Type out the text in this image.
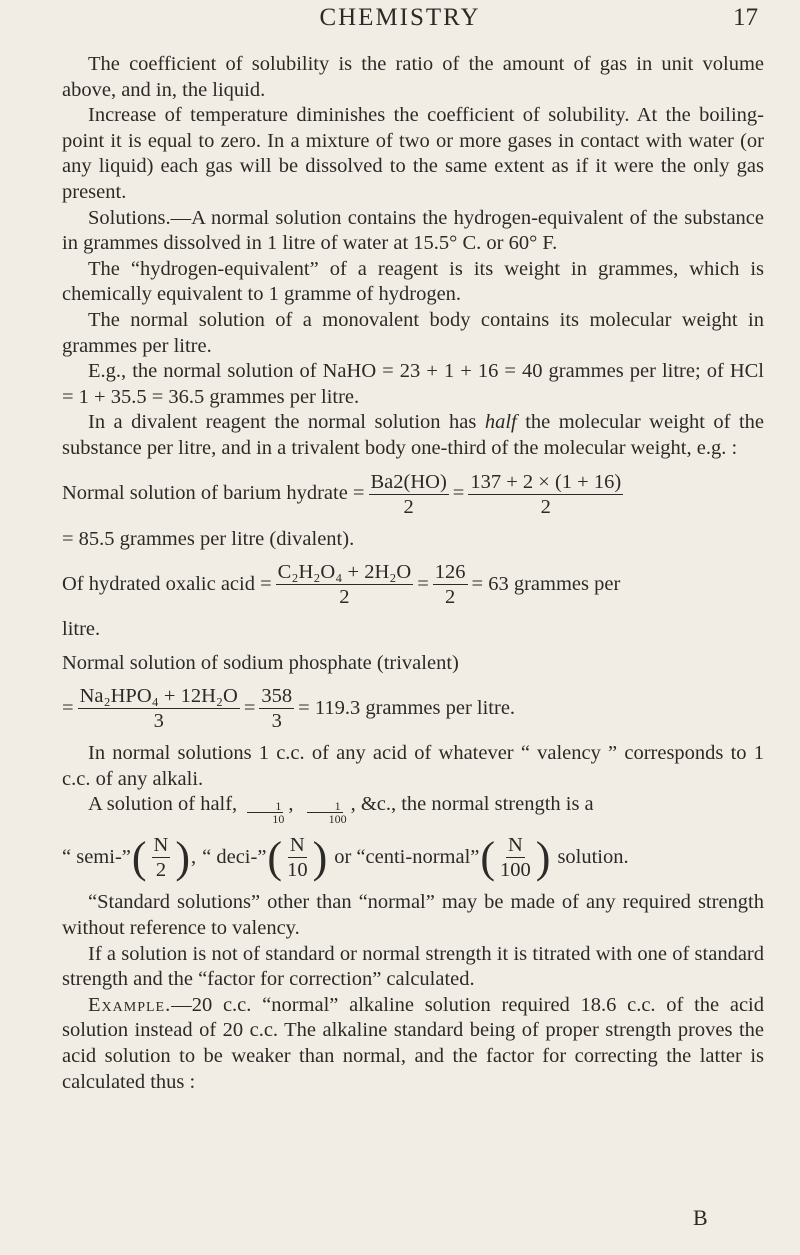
CHEMISTRY	17

The coefficient of solubility is the ratio of the amount of gas in unit volume above, and in, the liquid.

Increase of temperature diminishes the coefficient of solubility. At the boiling-point it is equal to zero. In a mixture of two or more gases in contact with water (or any liquid) each gas will be dissolved to the same extent as if it were the only gas present.

Solutions.—A normal solution contains the hydrogen-equivalent of the substance in grammes dissolved in 1 litre of water at 15.5° C. or 60° F.

The “hydrogen-equivalent” of a reagent is its weight in grammes, which is chemically equivalent to 1 gramme of hydrogen.

The normal solution of a monovalent body contains its molecular weight in grammes per litre.

E.g., the normal solution of NaHO = 23 + 1 + 16 = 40 grammes per litre; of HCl = 1 + 35.5 = 36.5 grammes per litre.

In a divalent reagent the normal solution has half the molecular weight of the substance per litre, and in a trivalent body one-third of the molecular weight, e.g. :

Normal solution of barium hydrate = $\frac{Ba2(HO)}{2} = \frac{137 + 2 \times (1 + 16)}{2}$
= 85.5 grammes per litre (divalent).
Of hydrated oxalic acid = $\frac{\text{C₂H₂O₄ + 2H₂O}}{2} = \frac{126}{2} = 63$ grammes per
litre.
Normal solution of sodium phosphate (trivalent)
= $\frac{\text{Na₂HPO₄ + 12H₂O}}{3} = \frac{358}{3} = 119.3$ grammes per litre.

In normal solutions 1 c.c. of any acid of whatever “ valency ” corresponds to 1 c.c. of any alkali.

A solution of half, $\frac{1}{10}$ , $\frac{1}{100}$ , &c., the normal strength is a
“ semi-” ( $\frac{N}{2}$ ) , “ deci-” ( $\frac{N}{10}$ ) or “centi-normal” ( $\frac{N}{100}$ ) solution.

“Standard solutions” other than “normal” may be made of any required strength without reference to valency.

If a solution is not of standard or normal strength it is titrated with one of standard strength and the “factor for correction” calculated.

Example.—20 c.c. “normal” alkaline solution required 18.6 c.c. of the acid solution instead of 20 c.c. The alkaline standard being of proper strength proves the acid solution to be weaker than normal, and the factor for correcting the latter is calculated thus :

B
